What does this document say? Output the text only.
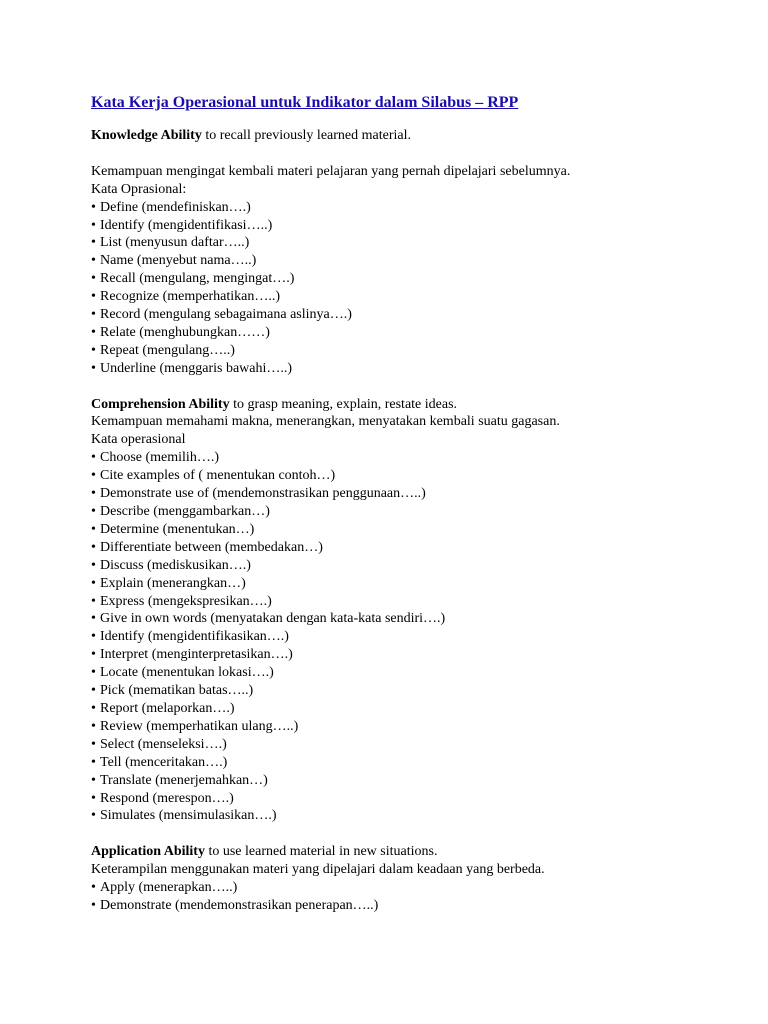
Kata Kerja Operasional untuk Indikator dalam Silabus – RPP
Knowledge Ability to recall previously learned material.
Kemampuan mengingat kembali materi pelajaran yang pernah dipelajari sebelumnya.
Kata Oprasional:
• Define (mendefiniskan….)
• Identify (mengidentifikasi…..)
• List (menyusun daftar…..)
• Name (menyebut nama…..)
• Recall (mengulang, mengingat….)
• Recognize (memperhatikan…..)
• Record (mengulang sebagaimana aslinya….)
• Relate (menghubungkan……)
• Repeat (mengulang…..)
• Underline (menggaris bawahi…..)
Comprehension Ability to grasp meaning, explain, restate ideas.
Kemampuan memahami makna, menerangkan, menyatakan kembali suatu gagasan.
Kata operasional
• Choose (memilih….)
• Cite examples of ( menentukan contoh…)
• Demonstrate use of (mendemonstrasikan penggunaan…..)
• Describe (menggambarkan…)
• Determine (menentukan…)
• Differentiate between (membedakan…)
• Discuss (mediskusikan….)
• Explain (menerangkan…)
• Express (mengekspresikan….)
• Give in own words (menyatakan dengan kata-kata sendiri….)
• Identify (mengidentifikasikan….)
• Interpret (menginterpretasikan….)
• Locate (menentukan lokasi….)
• Pick (mematikan batas…..)
• Report (melaporkan….)
• Review (memperhatikan ulang…..)
• Select (menseleksi….)
• Tell (menceritakan….)
• Translate (menerjemahkan…)
• Respond (merespon….)
• Simulates (mensimulasikan….)
Application Ability to use learned material in new situations.
Keterampilan menggunakan materi yang dipelajari dalam keadaan yang berbeda.
• Apply (menerapkan…..)
• Demonstrate (mendemonstrasikan penerapan…..)
